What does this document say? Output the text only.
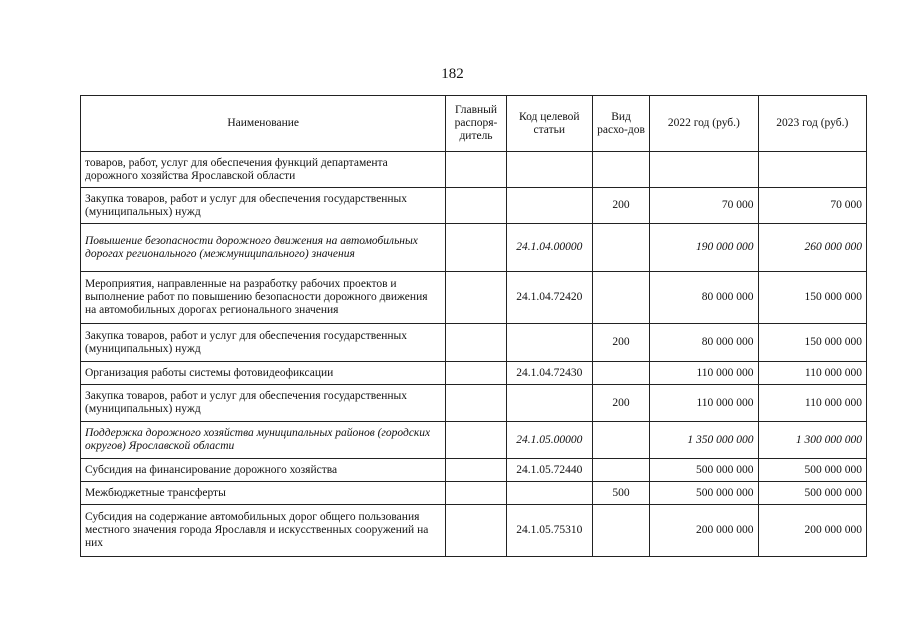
182
Наименование	Главный распоря-дитель	Код целевой статьи	Вид расхо-дов	2022 год (руб.)	2023 год (руб.)
товаров, работ, услуг для обеспечения функций департамента дорожного хозяйства Ярославской области					
Закупка товаров, работ и услуг для обеспечения государственных (муниципальных) нужд			200	70 000	70 000
Повышение безопасности дорожного движения на автомобильных дорогах регионального (межмуниципального) значения		24.1.04.00000		190 000 000	260 000 000
Мероприятия, направленные на разработку рабочих проектов и выполнение работ по повышению безопасности дорожного движения на автомобильных дорогах регионального значения		24.1.04.72420		80 000 000	150 000 000
Закупка товаров, работ и услуг для обеспечения государственных (муниципальных) нужд			200	80 000 000	150 000 000
Организация работы системы фотовидеофиксации		24.1.04.72430		110 000 000	110 000 000
Закупка товаров, работ и услуг для обеспечения государственных (муниципальных) нужд			200	110 000 000	110 000 000
Поддержка дорожного хозяйства муниципальных районов (городских округов) Ярославской области		24.1.05.00000		1 350 000 000	1 300 000 000
Субсидия на финансирование дорожного хозяйства		24.1.05.72440		500 000 000	500 000 000
Межбюджетные трансферты			500	500 000 000	500 000 000
Субсидия на содержание автомобильных дорог общего пользования местного значения города Ярославля и искусственных сооружений на них		24.1.05.75310		200 000 000	200 000 000
